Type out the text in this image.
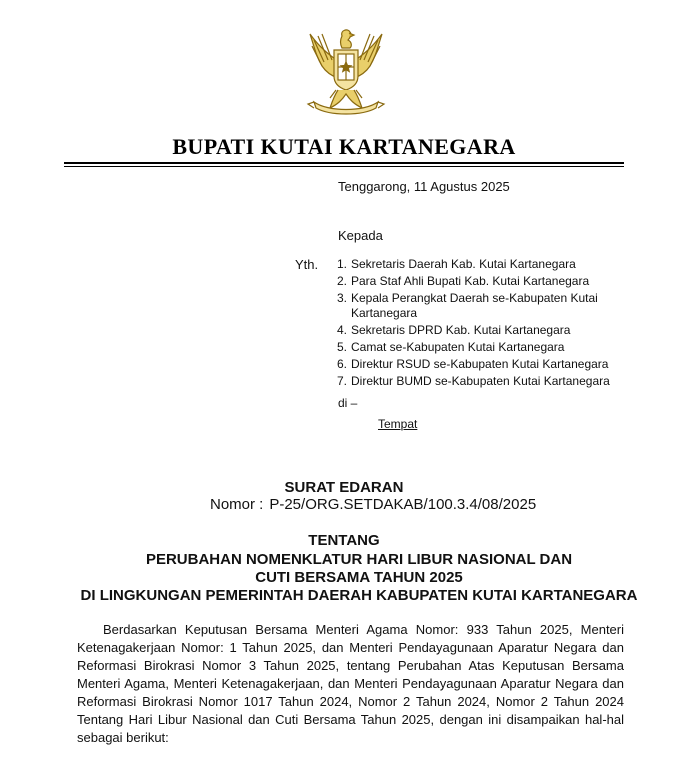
BUPATI KUTAI KARTANEGARA
Tenggarong, 11 Agustus 2025
Kepada
Yth. 1. Sekretaris Daerah Kab. Kutai Kartanegara
2. Para Staf Ahli Bupati Kab. Kutai Kartanegara
3. Kepala Perangkat Daerah se-Kabupaten Kutai Kartanegara
4. Sekretaris DPRD Kab. Kutai Kartanegara
5. Camat se-Kabupaten Kutai Kartanegara
6. Direktur RSUD se-Kabupaten Kutai Kartanegara
7. Direktur BUMD se-Kabupaten Kutai Kartanegara
di –
Tempat
SURAT EDARAN
Nomor : P-25/ORG.SETDAKAB/100.3.4/08/2025
TENTANG
PERUBAHAN NOMENKLATUR HARI LIBUR NASIONAL DAN
CUTI BERSAMA TAHUN 2025
DI LINGKUNGAN PEMERINTAH DAERAH KABUPATEN KUTAI KARTANEGARA

Berdasarkan Keputusan Bersama Menteri Agama Nomor: 933 Tahun 2025, Menteri Ketenagakerjaan Nomor: 1 Tahun 2025, dan Menteri Pendayagunaan Aparatur Negara dan Reformasi Birokrasi Nomor 3 Tahun 2025, tentang Perubahan Atas Keputusan Bersama Menteri Agama, Menteri Ketenagakerjaan, dan Menteri Pendayagunaan Aparatur Negara dan Reformasi Birokrasi Nomor 1017 Tahun 2024, Nomor 2 Tahun 2024, Nomor 2 Tahun 2024 Tentang Hari Libur Nasional dan Cuti Bersama Tahun 2025, dengan ini disampaikan hal-hal sebagai berikut:
